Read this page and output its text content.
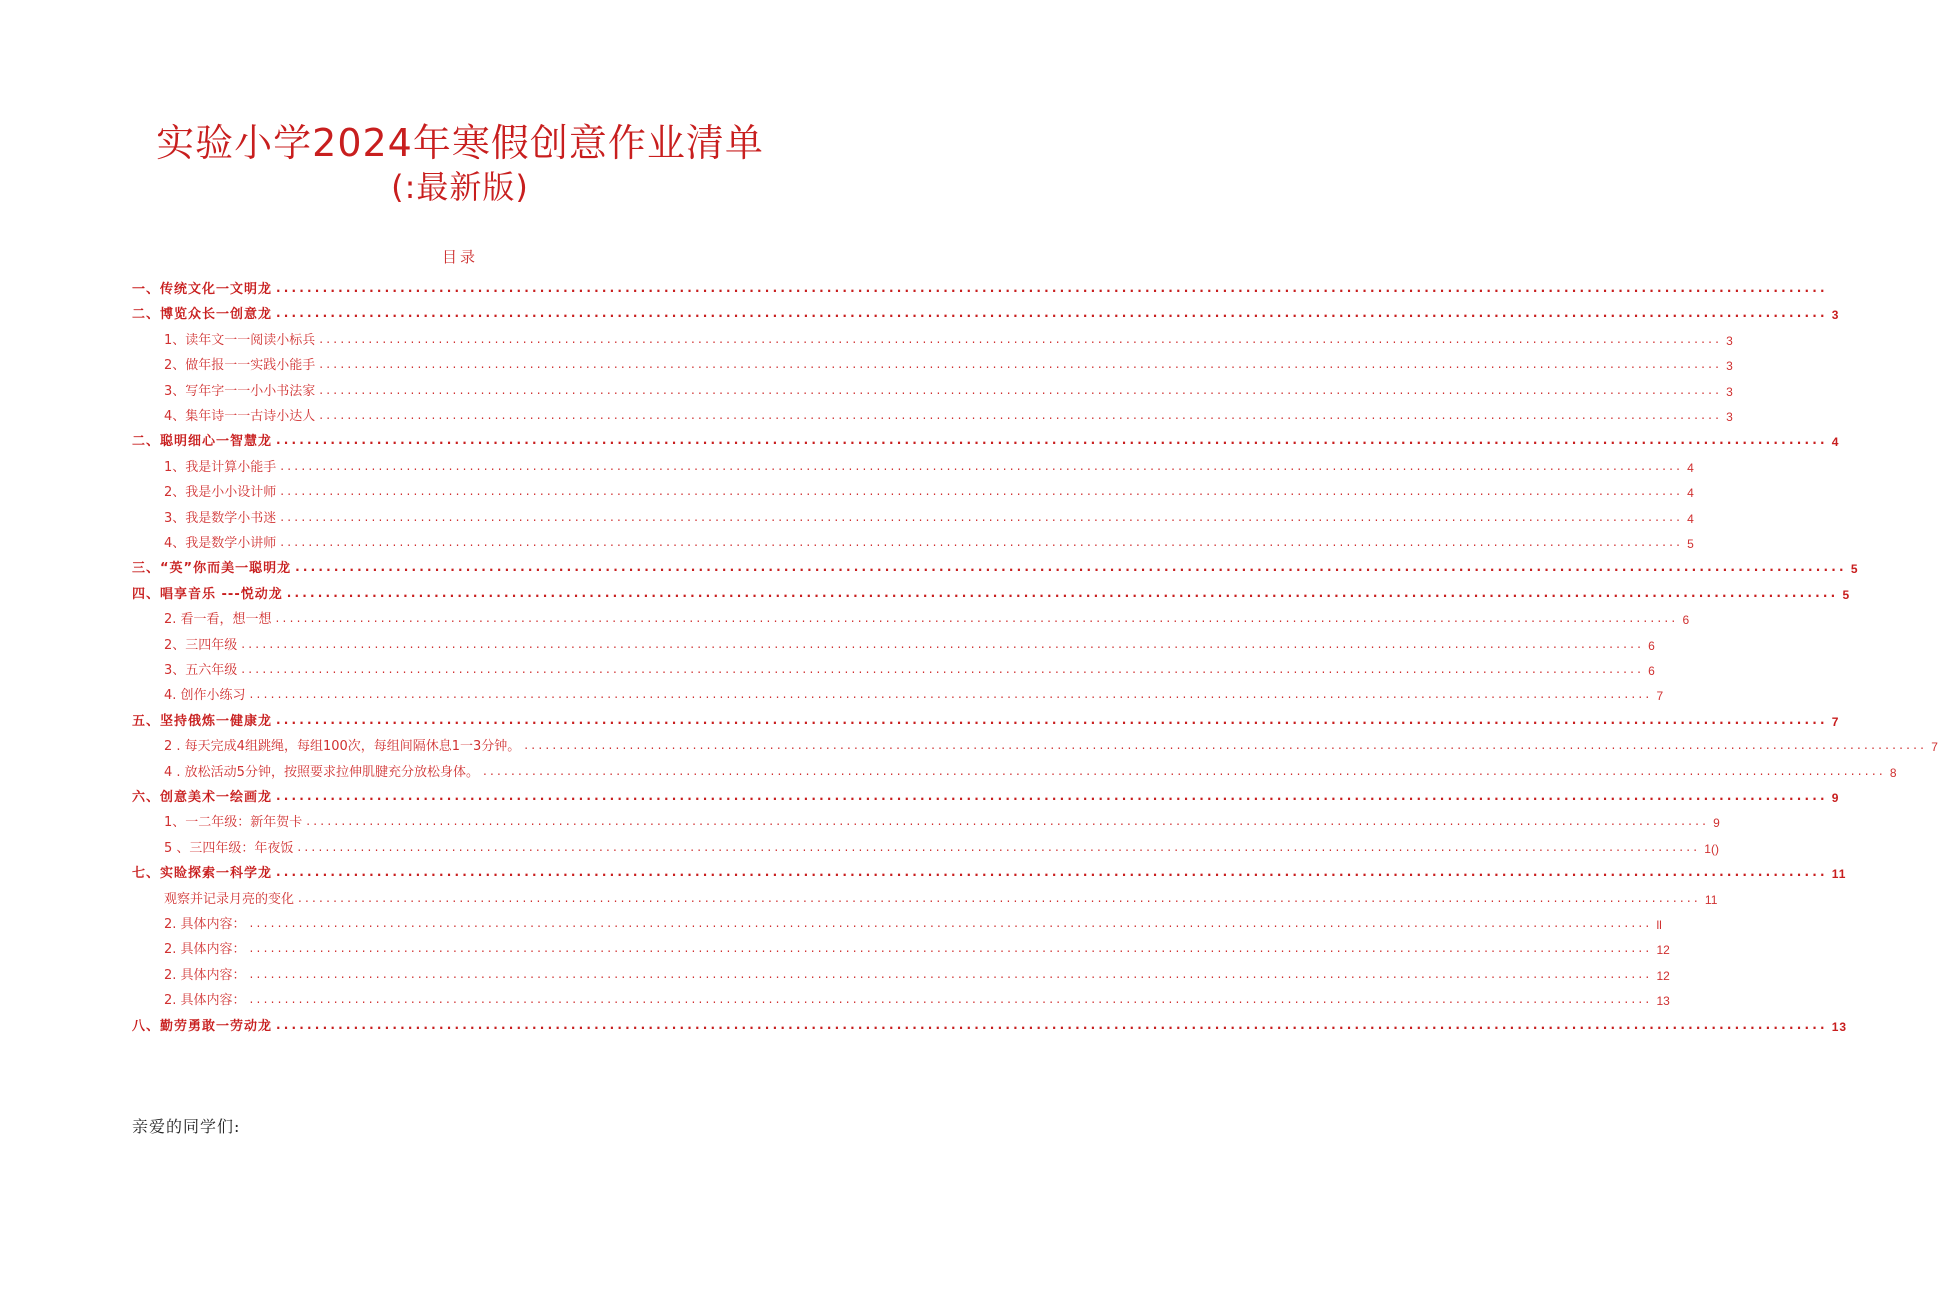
实验小学2024年寒假创意作业清单
(:最新版)
目录
一、传统文化一文明龙 ........................................................................................................................................................................................................
二、博览众长一创意龙 ........................................................................................................................................................................................................ 3
1、读年文一一阅读小标兵 ........................................................................................................................................................................................................ 3
2、做年报一一实践小能手 ........................................................................................................................................................................................................ 3
3、写年字一一小小书法家 ........................................................................................................................................................................................................ 3
4、集年诗一一古诗小达人 ........................................................................................................................................................................................................ 3
二、聪明细心一智慧龙 ........................................................................................................................................................................................................ 4
1、我是计算小能手 ........................................................................................................................................................................................................ 4
2、我是小小设计师 ........................................................................................................................................................................................................ 4
3、我是数学小书迷 ........................................................................................................................................................................................................ 4
4、我是数学小讲师 ........................................................................................................................................................................................................ 5
三、“英”你而美一聪明龙 ........................................................................................................................................................................................................ 5
四、唱享音乐 ---悦动龙 ........................................................................................................................................................................................................ 5
2. 看一看，想一想 ........................................................................................................................................................................................................ 6
2、三四年级 ........................................................................................................................................................................................................ 6
3、五六年级 ........................................................................................................................................................................................................ 6
4. 创作小练习 ........................................................................................................................................................................................................ 7
五、坚持俄炼一健康龙 ........................................................................................................................................................................................................ 7
2 . 每天完成4组跳绳，每组100次，每组间隔休息1一3分钟。 ........................................................................................................................................................................................................ 7
4 . 放松活动5分钟，按照要求拉伸肌腱充分放松身体。 ........................................................................................................................................................................................................ 8
六、创意美术一绘画龙 ........................................................................................................................................................................................................ 9
1、一二年级：新年贺卡 ........................................................................................................................................................................................................ 9
5 、三四年级：年夜饭 ........................................................................................................................................................................................................ 1()
七、实睑探索一科学龙 ........................................................................................................................................................................................................ 11
观察并记录月亮的变化 ........................................................................................................................................................................................................ 11
2. 具体内容： ........................................................................................................................................................................................................ ll
2. 具体内容： ........................................................................................................................................................................................................ 12
2. 具体内容： ........................................................................................................................................................................................................ 12
2. 具体内容： ........................................................................................................................................................................................................ 13
八、勤劳勇敢一劳动龙 ........................................................................................................................................................................................................ 13
亲爱的同学们:
